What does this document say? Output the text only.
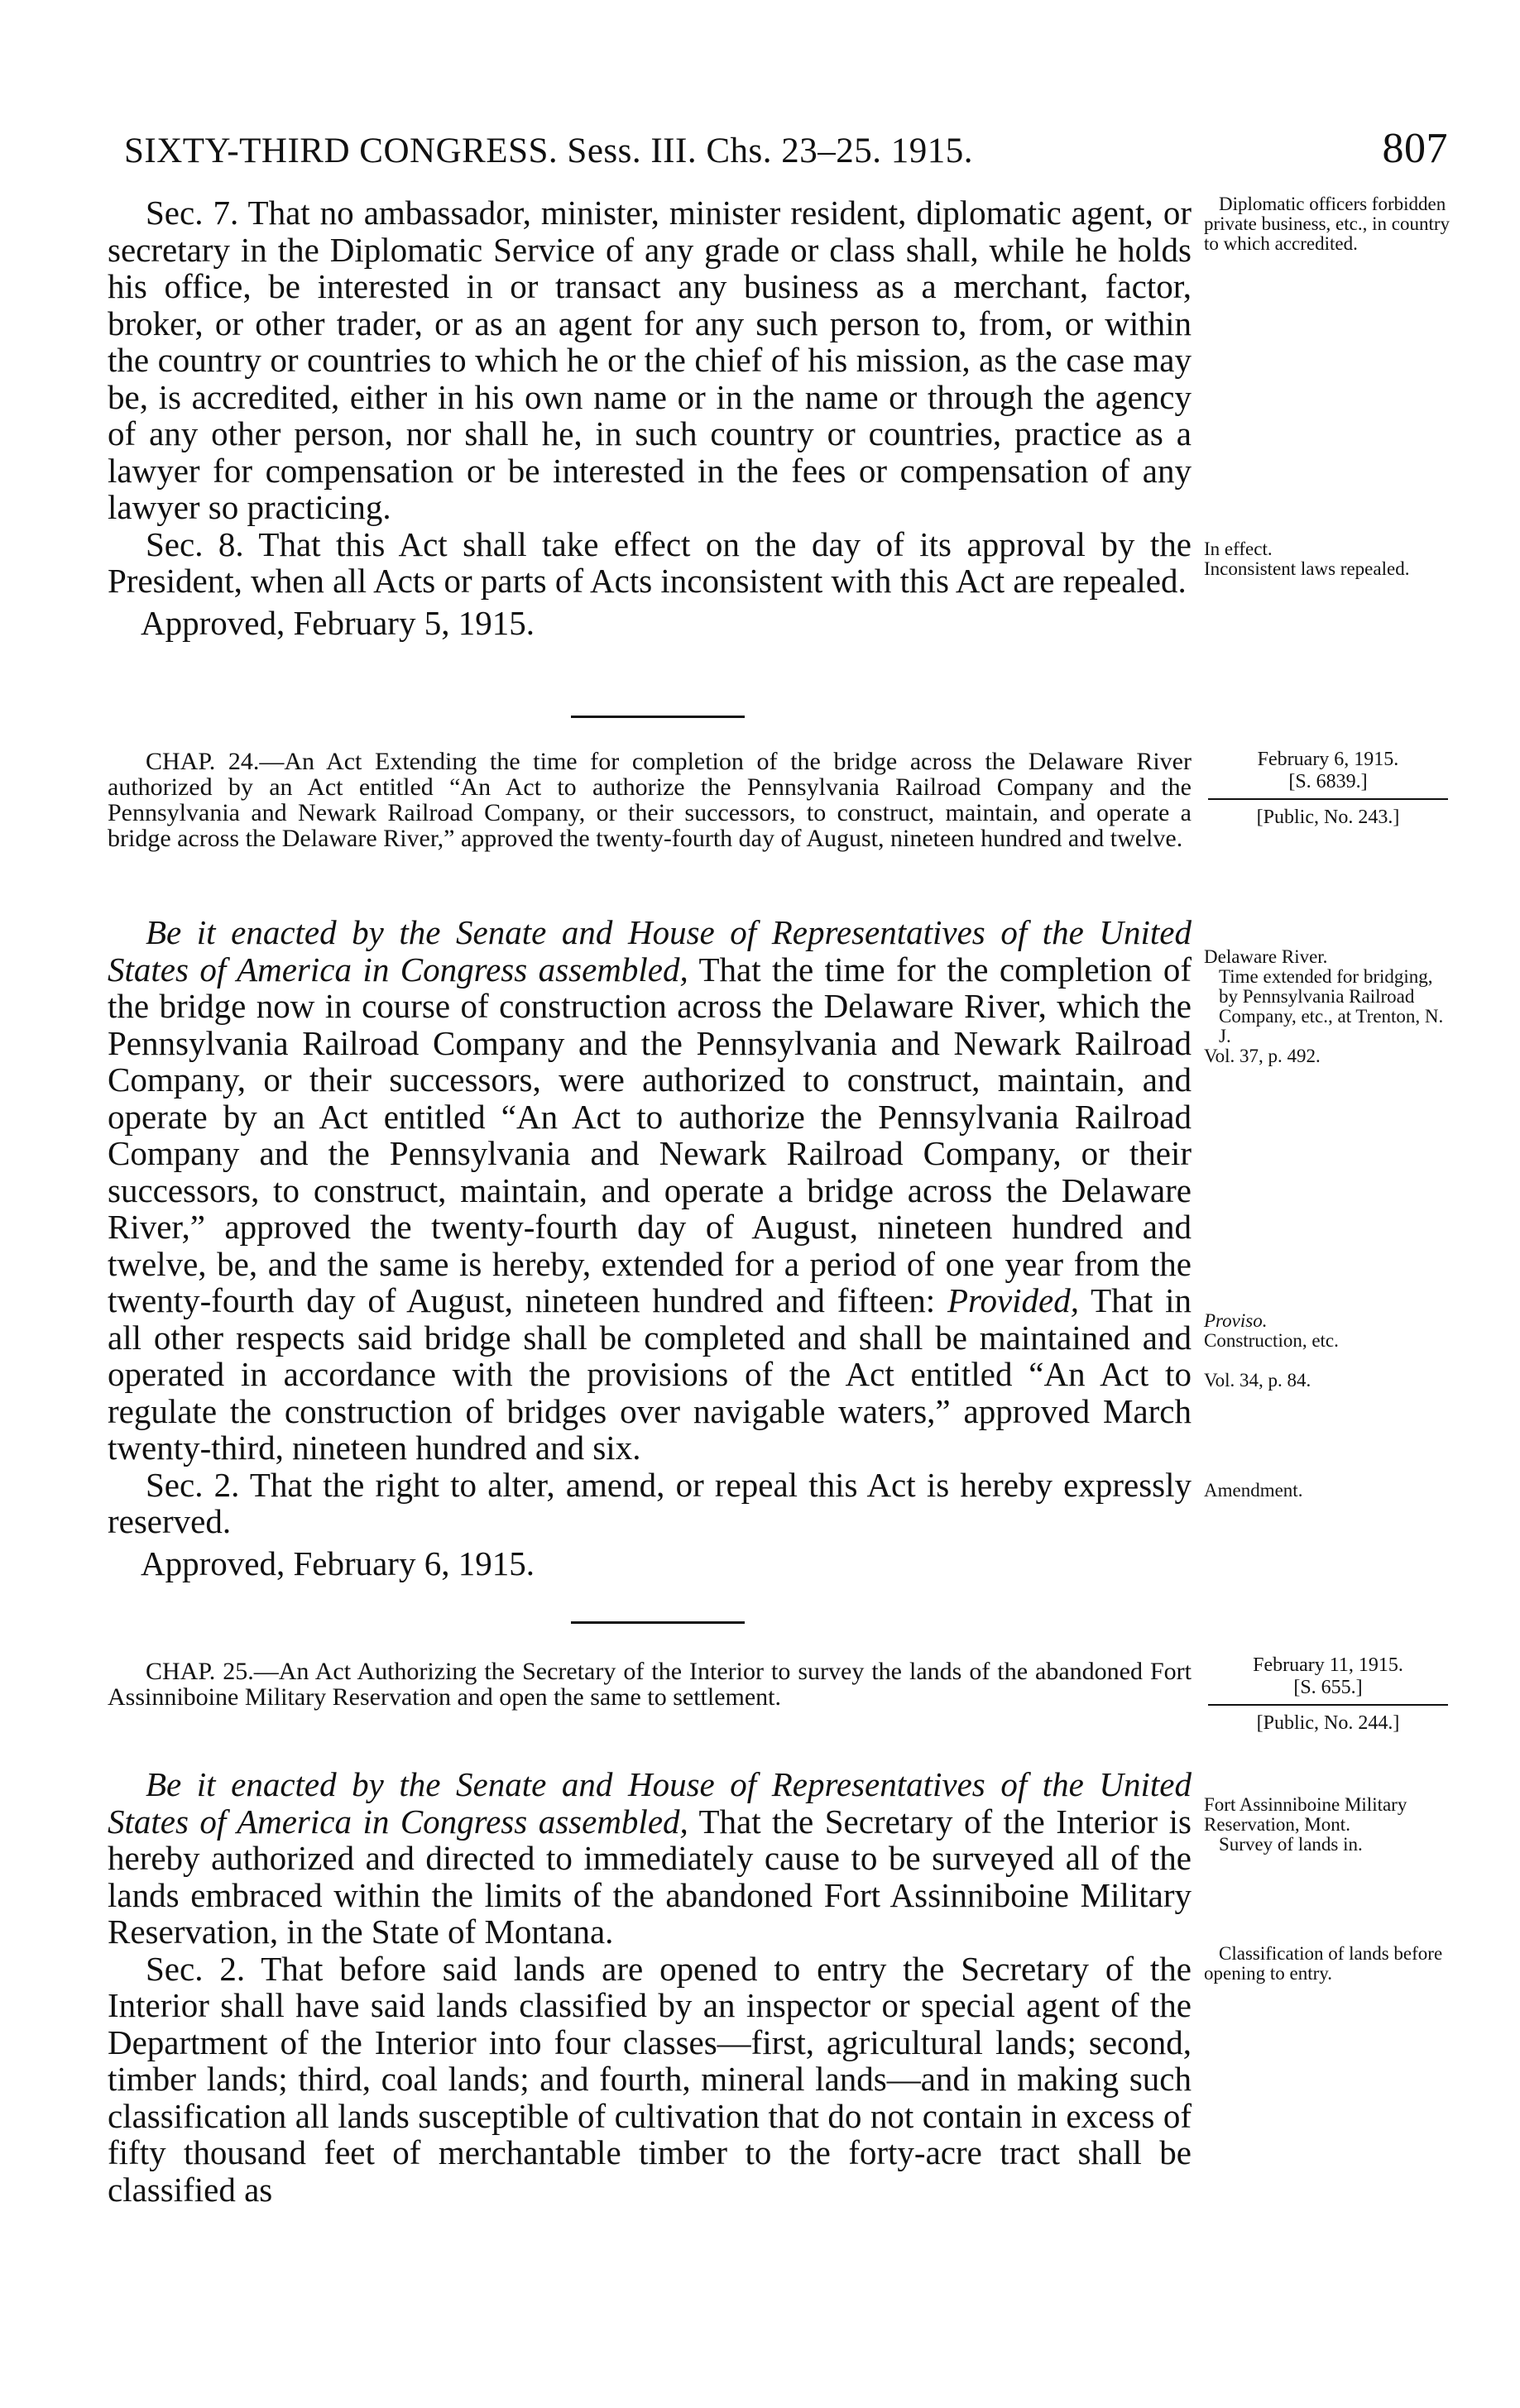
SIXTY-THIRD CONGRESS. Sess. III. Chs. 23–25. 1915.	807

Sec. 7. That no ambassador, minister, minister resident, diplomatic agent, or secretary in the Diplomatic Service of any grade or class shall, while he holds his office, be interested in or transact any business as a merchant, factor, broker, or other trader, or as an agent for any such person to, from, or within the country or countries to which he or the chief of his mission, as the case may be, is accredited, either in his own name or in the name or through the agency of any other person, nor shall he, in such country or countries, practice as a lawyer for compensation or be interested in the fees or compensation of any lawyer so practicing.

Sec. 8. That this Act shall take effect on the day of its approval by the President, when all Acts or parts of Acts inconsistent with this Act are repealed.

Approved, February 5, 1915.

Diplomatic officers forbidden private business, etc., in country to which accredited.

In effect.

Inconsistent laws repealed.

CHAP. 24.—An Act Extending the time for completion of the bridge across the Delaware River authorized by an Act entitled “An Act to authorize the Pennsylvania Railroad Company and the Pennsylvania and Newark Railroad Company, or their successors, to construct, maintain, and operate a bridge across the Delaware River,” approved the twenty-fourth day of August, nineteen hundred and twelve.

February 6, 1915.
[S. 6839.]
[Public, No. 243.]

Be it enacted by the Senate and House of Representatives of the United States of America in Congress assembled, That the time for the completion of the bridge now in course of construction across the Delaware River, which the Pennsylvania Railroad Company and the Pennsylvania and Newark Railroad Company, or their successors, were authorized to construct, maintain, and operate by an Act entitled “An Act to authorize the Pennsylvania Railroad Company and the Pennsylvania and Newark Railroad Company, or their successors, to construct, maintain, and operate a bridge across the Delaware River,” approved the twenty-fourth day of August, nineteen hundred and twelve, be, and the same is hereby, extended for a period of one year from the twenty-fourth day of August, nineteen hundred and fifteen: Provided, That in all other respects said bridge shall be completed and shall be maintained and operated in accordance with the provisions of the Act entitled “An Act to regulate the construction of bridges over navigable waters,” approved March twenty-third, nineteen hundred and six.

Sec. 2. That the right to alter, amend, or repeal this Act is hereby expressly reserved.

Approved, February 6, 1915.

Delaware River.

Time extended for bridging, by Pennsylvania Railroad Company, etc., at Trenton, N. J.

Vol. 37, p. 492.

Proviso.

Construction, etc.

Vol. 34, p. 84.

Amendment.

CHAP. 25.—An Act Authorizing the Secretary of the Interior to survey the lands of the abandoned Fort Assinniboine Military Reservation and open the same to settlement.

February 11, 1915.
[S. 655.]
[Public, No. 244.]

Be it enacted by the Senate and House of Representatives of the United States of America in Congress assembled, That the Secretary of the Interior is hereby authorized and directed to immediately cause to be surveyed all of the lands embraced within the limits of the abandoned Fort Assinniboine Military Reservation, in the State of Montana.

Sec. 2. That before said lands are opened to entry the Secretary of the Interior shall have said lands classified by an inspector or special agent of the Department of the Interior into four classes—first, agricultural lands; second, timber lands; third, coal lands; and fourth, mineral lands—and in making such classification all lands susceptible of cultivation that do not contain in excess of fifty thousand feet of merchantable timber to the forty-acre tract shall be classified as

Fort Assinniboine Military Reservation, Mont.

Survey of lands in.

Classification of lands before opening to entry.
